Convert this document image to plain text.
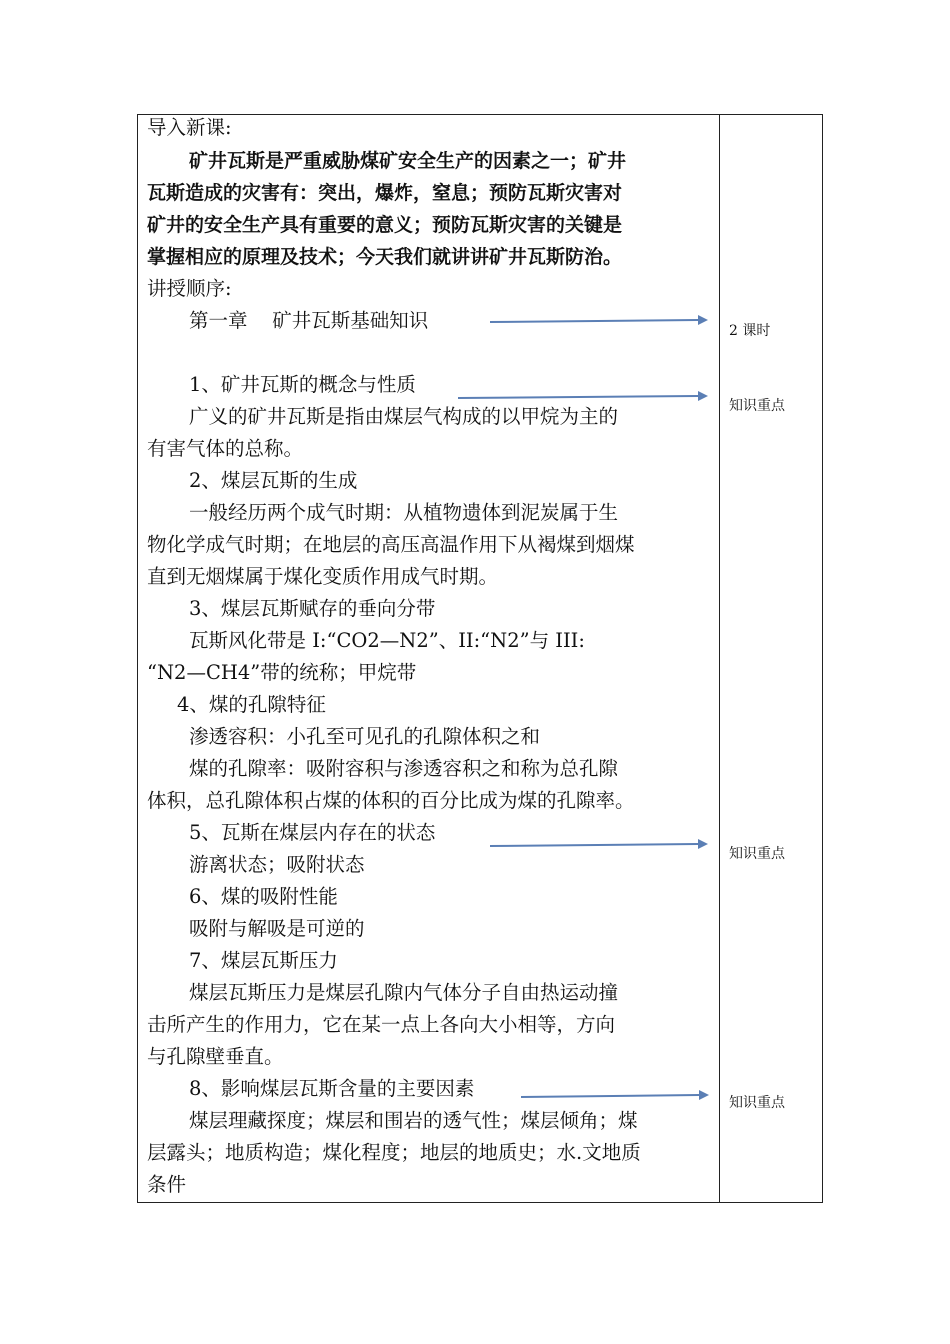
导入新课:
矿井瓦斯是严重威胁煤矿安全生产的因素之一；矿井
瓦斯造成的灾害有：突出，爆炸，窒息；预防瓦斯灾害对
矿井的安全生产具有重要的意义；预防瓦斯灾害的关键是
掌握相应的原理及技术；今天我们就讲讲矿井瓦斯防治。
讲授顺序:
第一章    矿井瓦斯基础知识
1、矿井瓦斯的概念与性质
广义的矿井瓦斯是指由煤层气构成的以甲烷为主的
有害气体的总称。
2、煤层瓦斯的生成
一般经历两个成气时期：从植物遗体到泥炭属于生
物化学成气时期；在地层的高压高温作用下从褐煤到烟煤
直到无烟煤属于煤化变质作用成气时期。
3、煤层瓦斯赋存的垂向分带
瓦斯风化带是 I:“CO2—N2”、II:“N2”与 III:
“N2—CH4”带的统称；甲烷带
4、煤的孔隙特征
渗透容积：小孔至可见孔的孔隙体积之和
煤的孔隙率：吸附容积与渗透容积之和称为总孔隙
体积，总孔隙体积占煤的体积的百分比成为煤的孔隙率。
5、瓦斯在煤层内存在的状态
游离状态；吸附状态
6、煤的吸附性能
吸附与解吸是可逆的
7、煤层瓦斯压力
煤层瓦斯压力是煤层孔隙内气体分子自由热运动撞
击所产生的作用力，它在某一点上各向大小相等，方向
与孔隙壁垂直。
8、影响煤层瓦斯含量的主要因素
煤层理藏探度；煤层和围岩的透气性；煤层倾角；煤
层露头；地质构造；煤化程度；地层的地质史；水.文地质
条件
2 课时
知识重点
知识重点
知识重点
